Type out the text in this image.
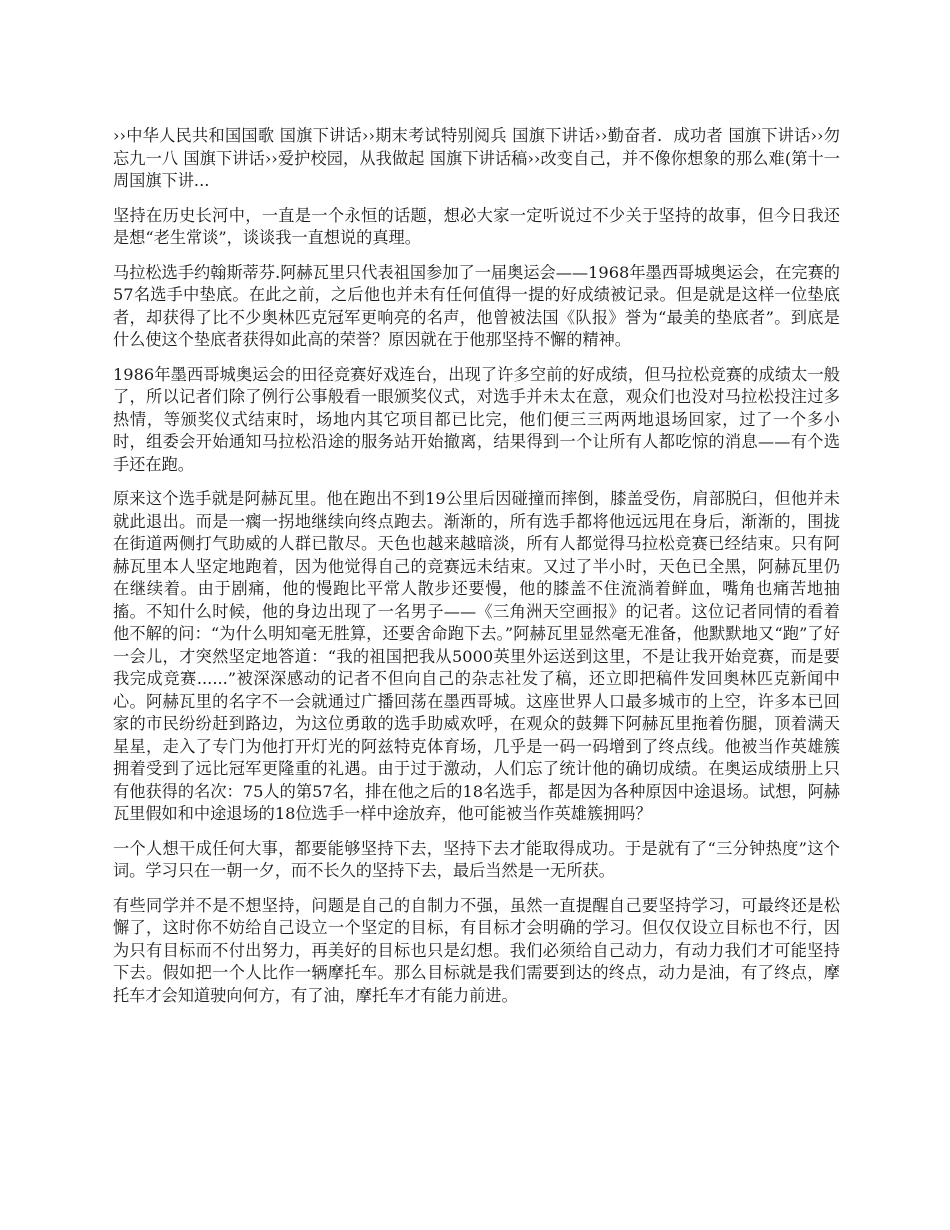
››中华人民共和国国歌 国旗下讲话››期末考试特别阅兵 国旗下讲话››勤奋者．成功者 国旗下讲话››勿忘九一八 国旗下讲话››爱护校园，从我做起 国旗下讲话稿››改变自己，并不像你想象的那么难(第十一周国旗下讲...

坚持在历史长河中，一直是一个永恒的话题，想必大家一定听说过不少关于坚持的故事，但今日我还是想“老生常谈”，谈谈我一直想说的真理。

马拉松选手约翰斯蒂芬.阿赫瓦里只代表祖国参加了一届奥运会——1968年墨西哥城奥运会，在完赛的57名选手中垫底。在此之前，之后他也并未有任何值得一提的好成绩被记录。但是就是这样一位垫底者，却获得了比不少奥林匹克冠军更响亮的名声，他曾被法国《队报》誉为“最美的垫底者”。到底是什么使这个垫底者获得如此高的荣誉？原因就在于他那坚持不懈的精神。

1986年墨西哥城奥运会的田径竞赛好戏连台，出现了许多空前的好成绩，但马拉松竞赛的成绩太一般了，所以记者们除了例行公事般看一眼颁奖仪式，对选手并未太在意，观众们也没对马拉松投注过多热情，等颁奖仪式结束时，场地内其它项目都已比完，他们便三三两两地退场回家，过了一个多小时，组委会开始通知马拉松沿途的服务站开始撤离，结果得到一个让所有人都吃惊的消息——有个选手还在跑。

原来这个选手就是阿赫瓦里。他在跑出不到19公里后因碰撞而摔倒，膝盖受伤，肩部脱臼，但他并未就此退出。而是一瘸一拐地继续向终点跑去。渐渐的，所有选手都将他远远甩在身后，渐渐的，围拢在街道两侧打气助威的人群已散尽。天色也越来越暗淡，所有人都觉得马拉松竞赛已经结束。只有阿赫瓦里本人坚定地跑着，因为他觉得自己的竞赛远未结束。又过了半小时，天色已全黑，阿赫瓦里仍在继续着。由于剧痛，他的慢跑比平常人散步还要慢，他的膝盖不住流淌着鲜血，嘴角也痛苦地抽搐。不知什么时候，他的身边出现了一名男子——《三角洲天空画报》的记者。这位记者同情的看着他不解的问：“为什么明知毫无胜算，还要舍命跑下去。”阿赫瓦里显然毫无准备，他默默地又“跑”了好一会儿，才突然坚定地答道：“我的祖国把我从5000英里外运送到这里，不是让我开始竞赛，而是要我完成竞赛......”被深深感动的记者不但向自己的杂志社发了稿，还立即把稿件发回奥林匹克新闻中心。阿赫瓦里的名字不一会就通过广播回荡在墨西哥城。这座世界人口最多城市的上空，许多本已回家的市民纷纷赶到路边，为这位勇敢的选手助威欢呼，在观众的鼓舞下阿赫瓦里拖着伤腿，顶着满天星星，走入了专门为他打开灯光的阿兹特克体育场，几乎是一码一码增到了终点线。他被当作英雄簇拥着受到了远比冠军更隆重的礼遇。由于过于激动，人们忘了统计他的确切成绩。在奥运成绩册上只有他获得的名次：75人的第57名，排在他之后的18名选手，都是因为各种原因中途退场。试想，阿赫瓦里假如和中途退场的18位选手一样中途放弃，他可能被当作英雄簇拥吗？

一个人想干成任何大事，都要能够坚持下去，坚持下去才能取得成功。于是就有了“三分钟热度”这个词。学习只在一朝一夕，而不长久的坚持下去，最后当然是一无所获。

有些同学并不是不想坚持，问题是自己的自制力不强，虽然一直提醒自己要坚持学习，可最终还是松懈了，这时你不妨给自己设立一个坚定的目标，有目标才会明确的学习。但仅仅设立目标也不行，因为只有目标而不付出努力，再美好的目标也只是幻想。我们必须给自己动力，有动力我们才可能坚持下去。假如把一个人比作一辆摩托车。那么目标就是我们需要到达的终点，动力是油，有了终点，摩托车才会知道驶向何方，有了油，摩托车才有能力前进。
